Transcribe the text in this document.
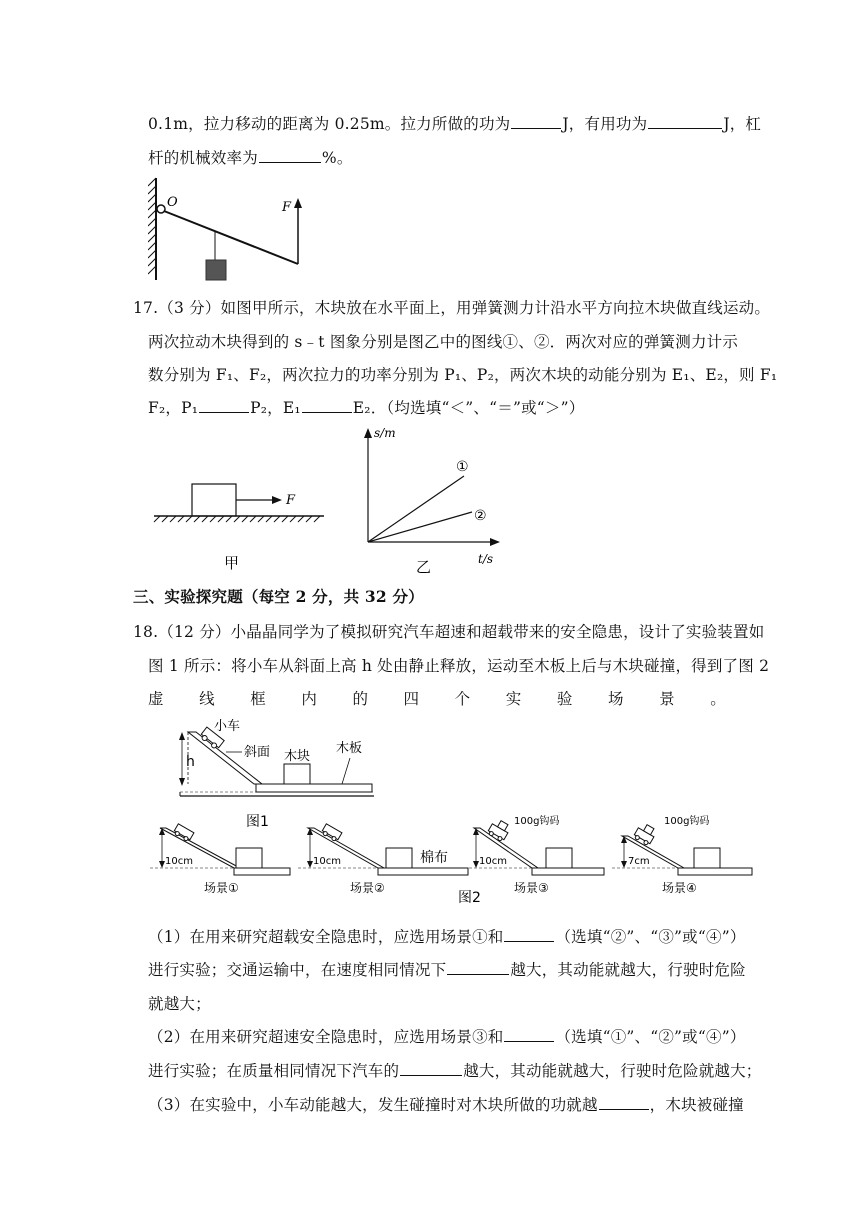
0.1m，拉力移动的距离为 0.25m。拉力所做的功为	J，有用功为	J，杠
杆的机械效率为	%。
O	F
17.（3 分）如图甲所示，木块放在水平面上，用弹簧测力计沿水平方向拉木块做直线运动。
两次拉动木块得到的 s﹣t 图象分别是图乙中的图线①、②．两次对应的弹簧测力计示
数分别为 F₁、F₂，两次拉力的功率分别为 P₁、P₂，两次木块的动能分别为 E₁、E₂，则 F₁
F₂，P₁	P₂，E₁	E₂．（均选填“＜”、“＝”或“＞”）
F
甲
s/m
t/s
①
②
乙
三、实验探究题（每空 2 分，共 32 分）
18.（12 分）小晶晶同学为了模拟研究汽车超速和超载带来的安全隐患，设计了实验装置如
图 1 所示：将小车从斜面上高 h 处由静止释放，运动至木板上后与木块碰撞，得到了图 2
虚 线 框 内 的 四 个 实 验 场 景 。
h
小车
斜面 木块
木板
图1
10cm
场景①
10cm	棉布
场景②
10cm
100g钩码
场景③
7cm
100g钩码
场景④
图2
（1）在用来研究超载安全隐患时，应选用场景①和	（选填“②”、“③”或“④”）
进行实验；交通运输中，在速度相同情况下	越大，其动能就越大，行驶时危险
就越大；
（2）在用来研究超速安全隐患时，应选用场景③和	（选填“①”、“②”或“④”）
进行实验；在质量相同情况下汽车的	越大，其动能就越大，行驶时危险就越大；
（3）在实验中，小车动能越大，发生碰撞时对木块所做的功就越	，木块被碰撞
